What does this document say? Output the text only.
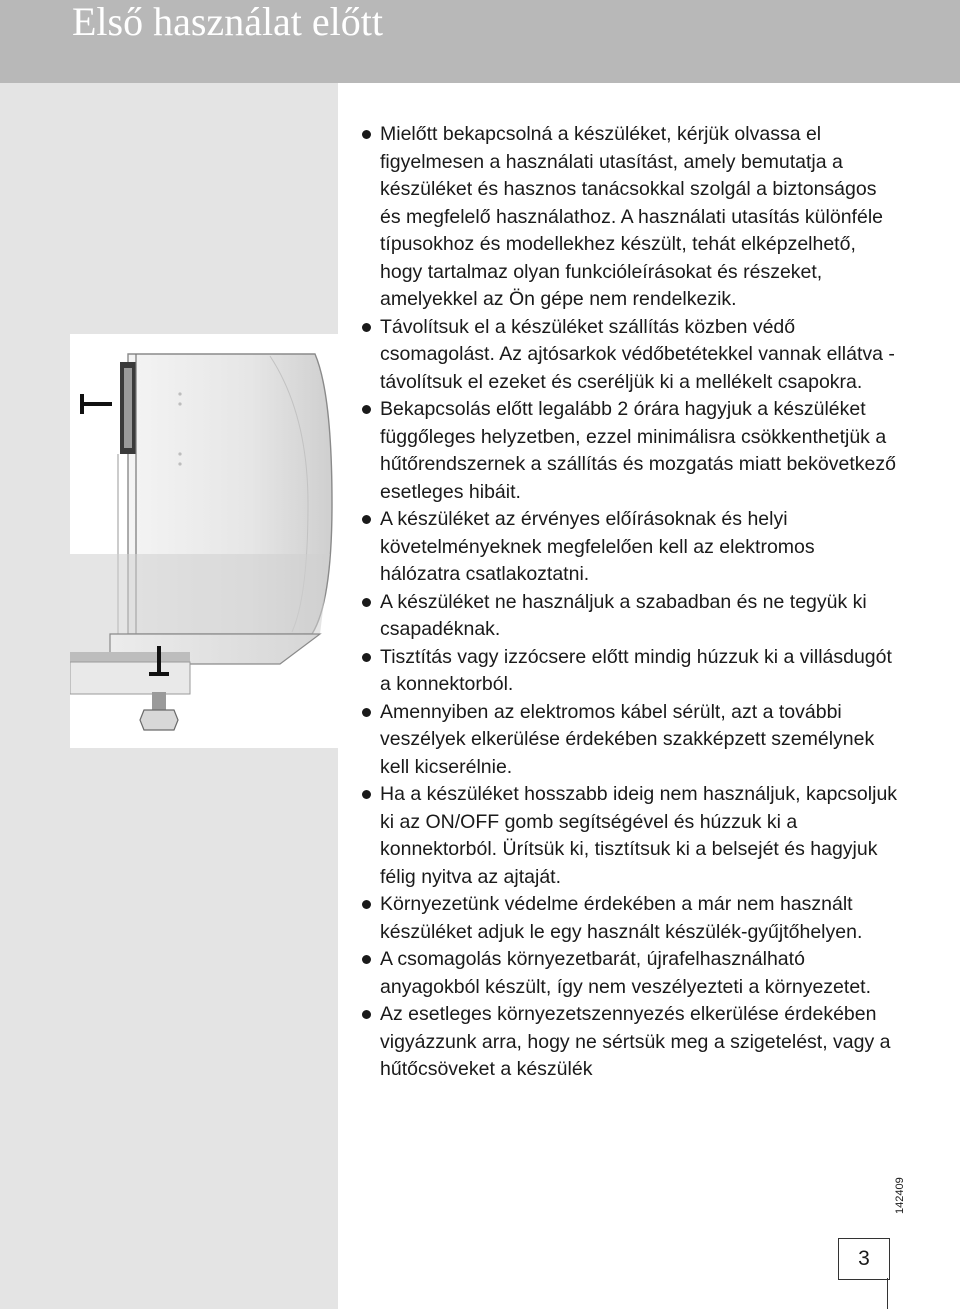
Első használat előtt
Mielőtt bekapcsolná a készüléket, kérjük olvassa el figyelmesen a használati utasítást, amely bemutatja a készüléket és hasznos tanácsokkal szolgál a biztonságos és megfelelő használathoz. A használati utasítás különféle típusokhoz és modellekhez készült, tehát elképzelhető, hogy tartalmaz olyan funkcióleírásokat és részeket, amelyekkel az Ön gépe nem rendelkezik.
Távolítsuk el a készüléket szállítás közben védő csomagolást. Az ajtósarkok védőbetétekkel vannak ellátva - távolítsuk el ezeket és cseréljük ki a mellékelt csapokra.
Bekapcsolás előtt legalább 2 órára hagyjuk a készüléket függőleges helyzetben, ezzel minimálisra csökkenthetjük a hűtőrendszernek a szállítás és mozgatás miatt bekövetkező esetleges hibáit.
A készüléket az érvényes előírásoknak és helyi követelményeknek megfelelően kell az elektromos hálózatra csatlakoztatni.
A készüléket ne használjuk a szabadban és ne tegyük ki csapadéknak.
Tisztítás vagy izzócsere előtt mindig húzzuk ki a villásdugót a konnektorból.
Amennyiben az elektromos kábel sérült, azt a további veszélyek elkerülése érdekében szakképzett személynek kell kicserélnie.
Ha a készüléket hosszabb ideig nem használjuk, kapcsoljuk ki az ON/OFF gomb segítségével és húzzuk ki a konnektorból. Ürítsük ki, tisztítsuk ki a belsejét és hagyjuk félig nyitva az ajtaját.
Környezetünk védelme érdekében a már nem használt készüléket adjuk le egy használt készülék-gyűjtőhelyen.
A csomagolás környezetbarát, újrafelhasználható anyagokból készült, így nem veszélyezteti a környezetet.
Az esetleges környezetszennyezés elkerülése érdekében vigyázzunk arra, hogy ne sértsük meg a szigetelést, vagy a hűtőcsöveket a készülék
142409
3
